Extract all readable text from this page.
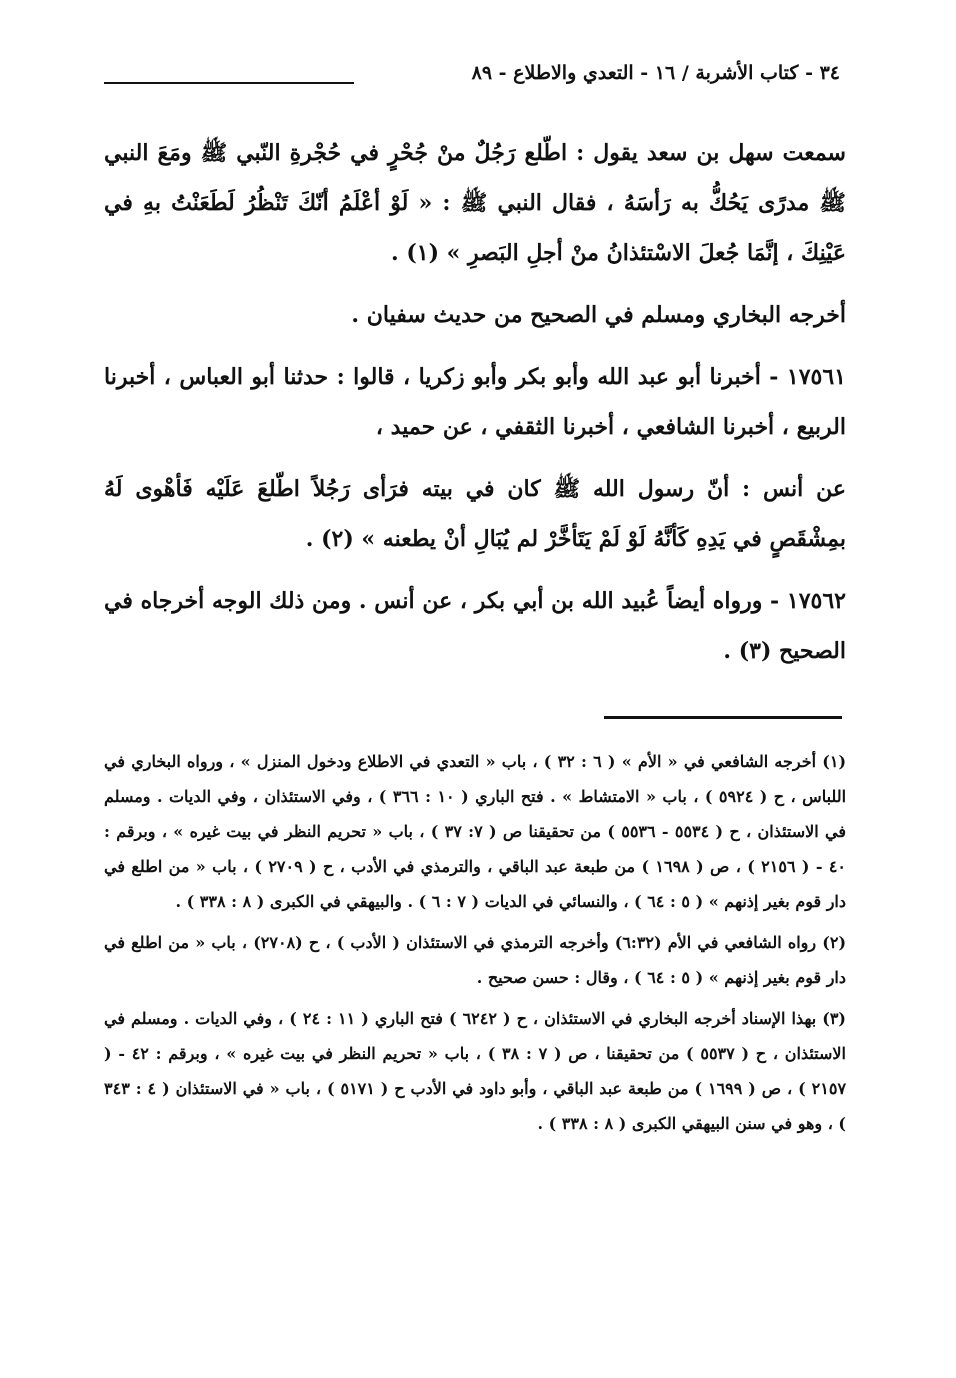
٣٤ - كتاب الأشربة / ١٦ - التعدي والاطلاع - ٨٩

سمعت سهل بن سعد يقول : اطّلع رَجُلٌ منْ جُحْرٍ في حُجْرةِ النّبي ﷺ ومَعَ النبي ﷺ مدرًى يَحُكُّ به رَأسَهُ ، فقال النبي ﷺ : « لَوْ أعْلَمُ أنّكَ تَنْظُرُ لَطَعَنْتُ بهِ في عَيْنِكَ ، إنَّمَا جُعلَ الاسْتئذانُ منْ أجلِ البَصرِ » (١) .

أخرجه البخاري ومسلم في الصحيح من حديث سفيان .

١٧٥٦١ - أخبرنا أبو عبد الله وأبو بكر وأبو زكريا ، قالوا : حدثنا أبو العباس ، أخبرنا الربيع ، أخبرنا الشافعي ، أخبرنا الثقفي ، عن حميد ،

عن أنس : أنّ رسول الله ﷺ كان في بيته فرَأى رَجُلاً اطّلعَ عَلَيْه فَأهْوى لَهُ بمِشْقَصٍ في يَدِهِ كَأنَّهُ لَوْ لَمْ يَتَأخَّرْ لم يُبَالِ أنْ يطعنه » (٢) .

١٧٥٦٢ - ورواه أيضاً عُبيد الله بن أبي بكر ، عن أنس . ومن ذلك الوجه أخرجاه في الصحيح (٣) .

(١) أخرجه الشافعي في « الأم » ( ٦ : ٣٢ ) ، باب « التعدي في الاطلاع ودخول المنزل » ، ورواه البخاري في اللباس ، ح ( ٥٩٢٤ ) ، باب « الامتشاط » . فتح الباري ( ١٠ : ٣٦٦ ) ، وفي الاستئذان ، وفي الديات . ومسلم في الاستئذان ، ح ( ٥٥٣٤ - ٥٥٣٦ ) من تحقيقنا ص ( ٧: ٣٧ ) ، باب « تحريم النظر في بيت غيره » ، وبرقم : ٤٠ - ( ٢١٥٦ ) ، ص ( ١٦٩٨ ) من طبعة عبد الباقي ، والترمذي في الأدب ، ح ( ٢٧٠٩ ) ، باب « من اطلع في دار قوم بغير إذنهم » ( ٥ : ٦٤ ) ، والنسائي في الديات ( ٧ : ٦ ) . والبيهقي في الكبرى ( ٨ : ٣٣٨ ) .

(٢) رواه الشافعي في الأم (٦:٣٢) وأخرجه الترمذي في الاستئذان ( الأدب ) ، ح (٢٧٠٨) ، باب « من اطلع في دار قوم بغير إذنهم » ( ٥ : ٦٤ ) ، وقال : حسن صحيح .

(٣) بهذا الإسناد أخرجه البخاري في الاستئذان ، ح ( ٦٢٤٢ ) فتح الباري ( ١١ : ٢٤ ) ، وفي الديات . ومسلم في الاستئذان ، ح ( ٥٥٣٧ ) من تحقيقنا ، ص ( ٧ : ٣٨ ) ، باب « تحريم النظر في بيت غيره » ، وبرقم : ٤٢ - ( ٢١٥٧ ) ، ص ( ١٦٩٩ ) من طبعة عبد الباقي ، وأبو داود في الأدب ح ( ٥١٧١ ) ، باب « في الاستئذان ( ٤ : ٣٤٣ ) ، وهو في سنن البيهقي الكبرى ( ٨ : ٣٣٨ ) .
